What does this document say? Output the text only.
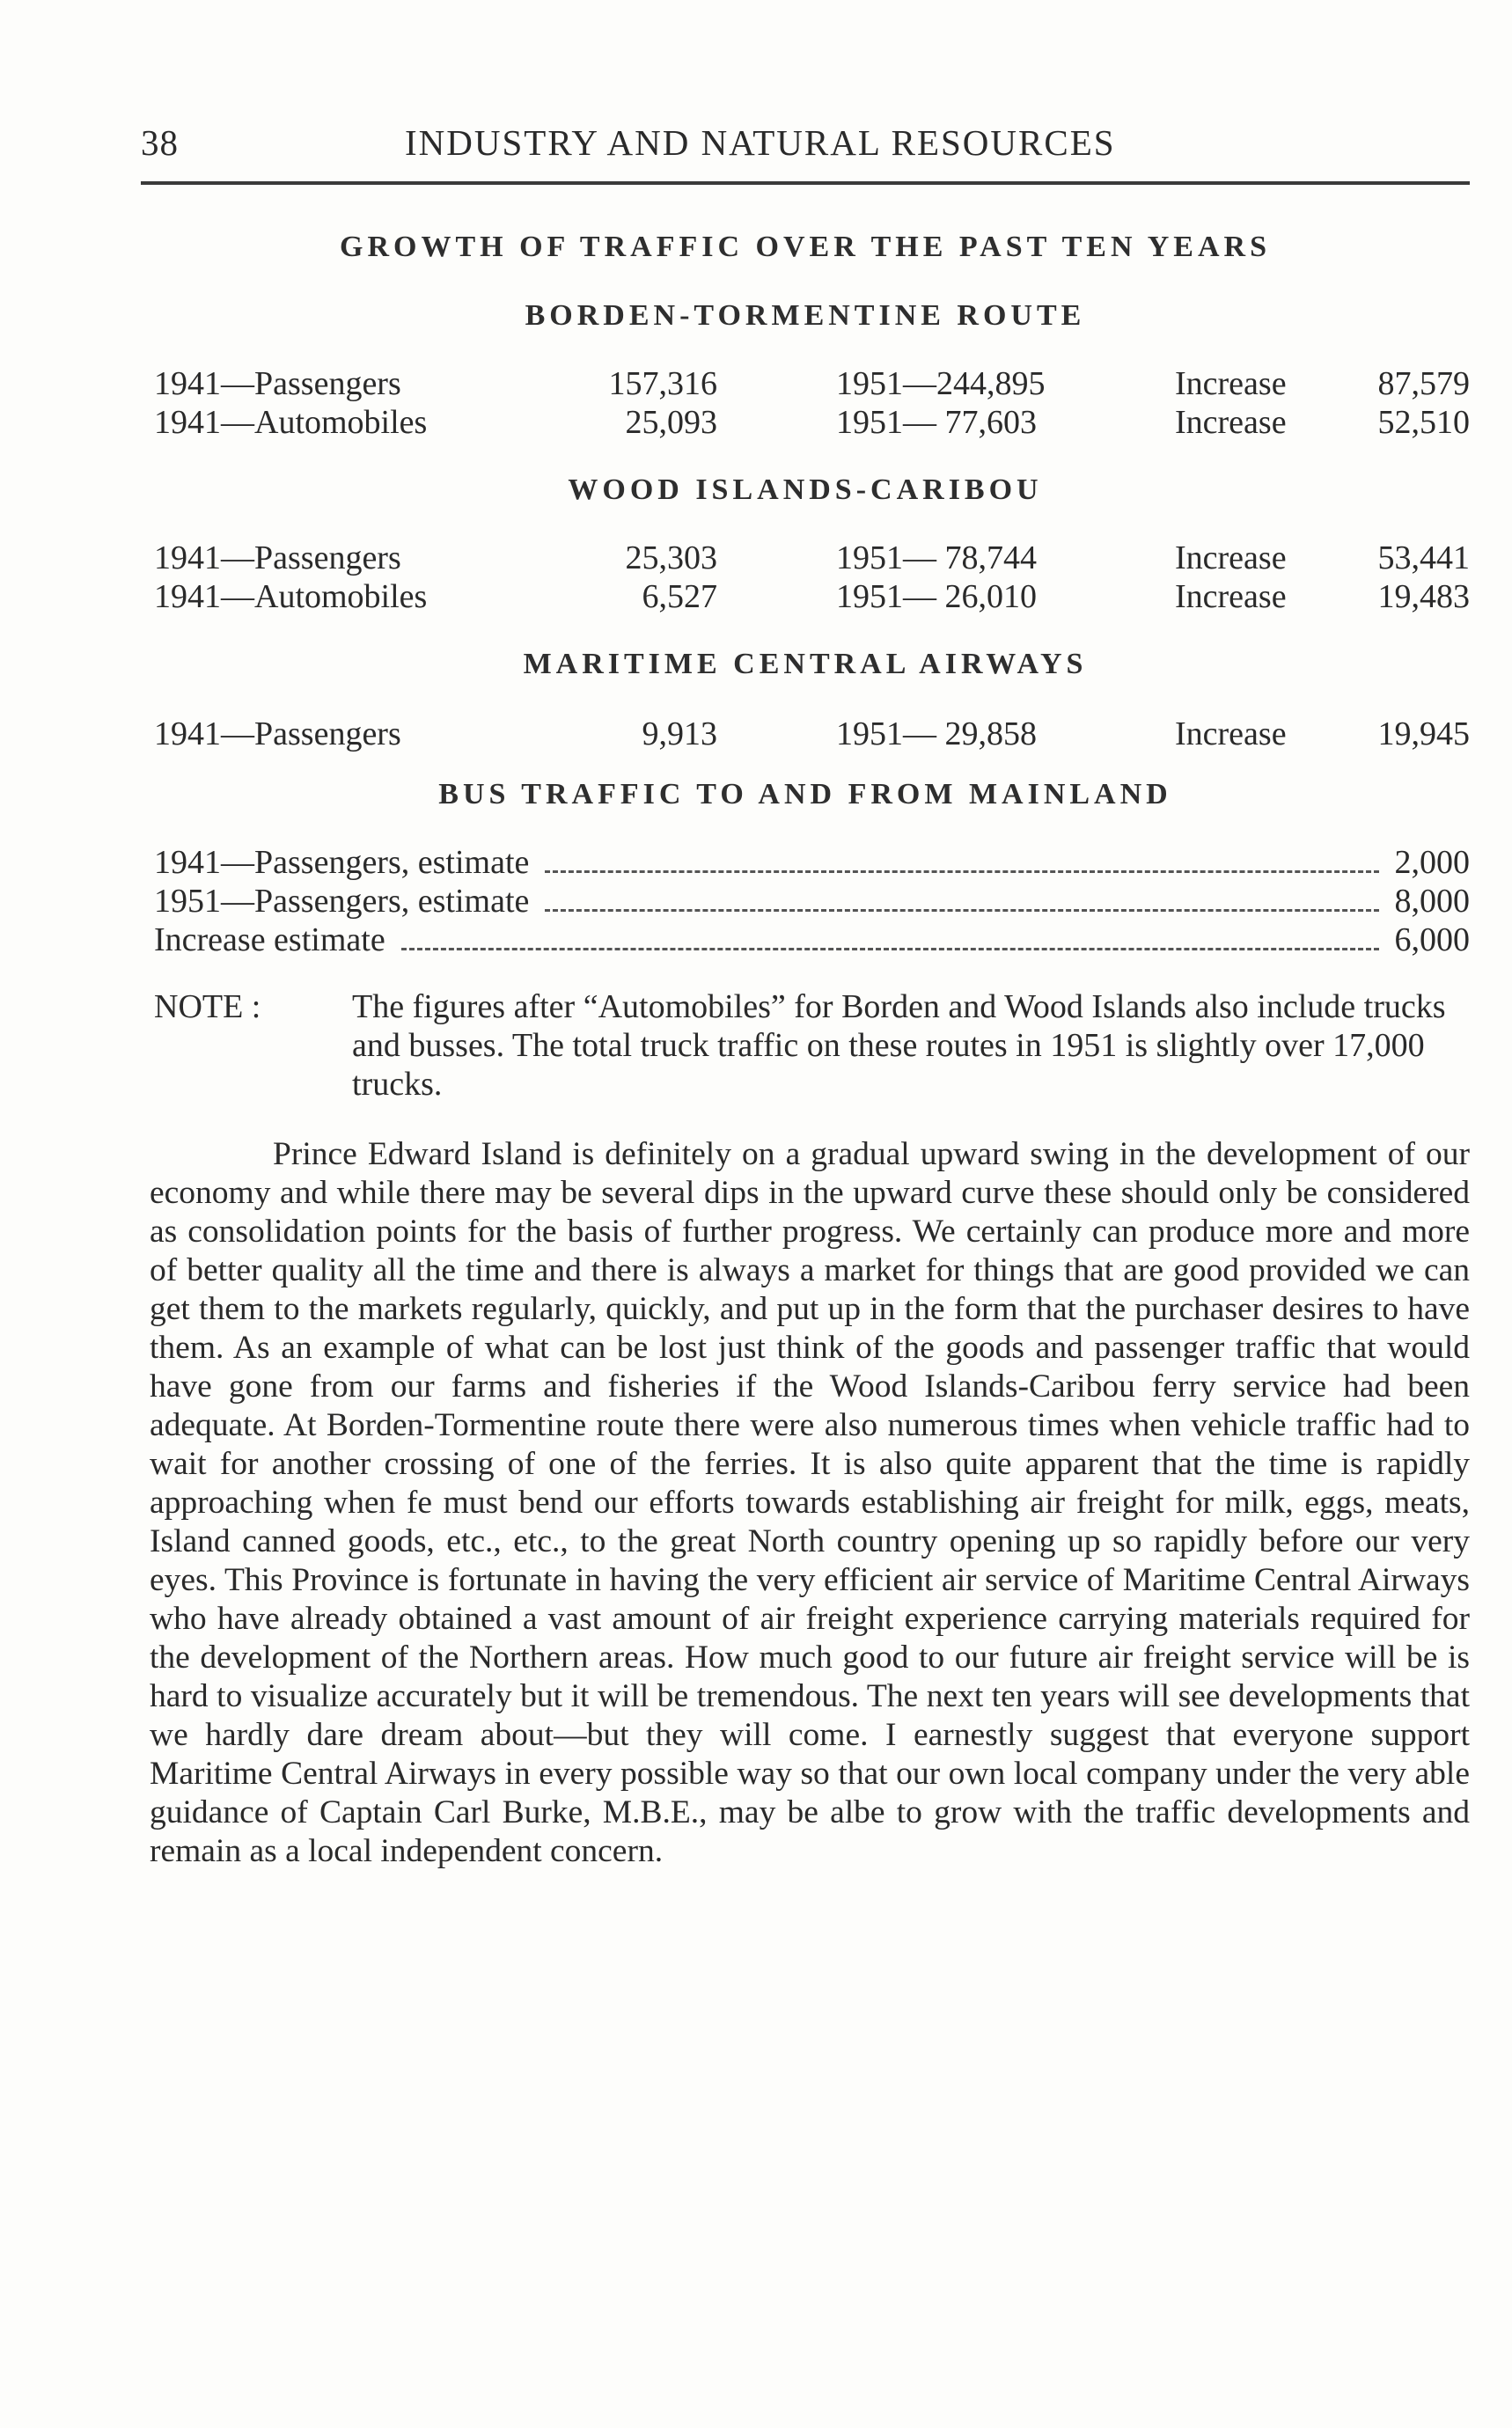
38	INDUSTRY AND NATURAL RESOURCES
GROWTH OF TRAFFIC OVER THE PAST TEN YEARS
BORDEN-TORMENTINE ROUTE
1941—Passengers	157,316	1951—244,895	Increase	87,579
1941—Automobiles	25,093	1951— 77,603	Increase	52,510
WOOD ISLANDS-CARIBOU
1941—Passengers	25,303	1951— 78,744	Increase	53,441
1941—Automobiles	6,527	1951— 26,010	Increase	19,483
MARITIME CENTRAL AIRWAYS
1941—Passengers	9,913	1951— 29,858	Increase	19,945
BUS TRAFFIC TO AND FROM MAINLAND
1941—Passengers, estimate	2,000
1951—Passengers, estimate	8,000
Increase estimate	6,000
NOTE :	The figures after “Automobiles” for Borden and Wood Islands also include trucks and busses. The total truck traffic on these routes in 1951 is slightly over 17,000 trucks.

Prince Edward Island is definitely on a gradual upward swing in the development of our economy and while there may be several dips in the upward curve these should only be considered as consolidation points for the basis of further progress. We certainly can produce more and more of better quality all the time and there is always a market for things that are good provided we can get them to the markets regularly, quickly, and put up in the form that the purchaser desires to have them. As an example of what can be lost just think of the goods and passenger traffic that would have gone from our farms and fisheries if the Wood Islands-Caribou ferry service had been adequate. At Borden-Tormentine route there were also numerous times when vehicle traffic had to wait for another crossing of one of the ferries. It is also quite apparent that the time is rapidly approaching when fe must bend our efforts towards establishing air freight for milk, eggs, meats, Island canned goods, etc., etc., to the great North country opening up so rapidly before our very eyes. This Province is fortunate in having the very efficient air service of Maritime Central Airways who have already obtained a vast amount of air freight experience carrying materials required for the development of the Northern areas. How much good to our future air freight service will be is hard to visualize accurately but it will be tremendous. The next ten years will see developments that we hardly dare dream about—but they will come. I earnestly suggest that everyone support Maritime Central Airways in every possible way so that our own local company under the very able guidance of Captain Carl Burke, M.B.E., may be albe to grow with the traffic developments and remain as a local independent concern.
